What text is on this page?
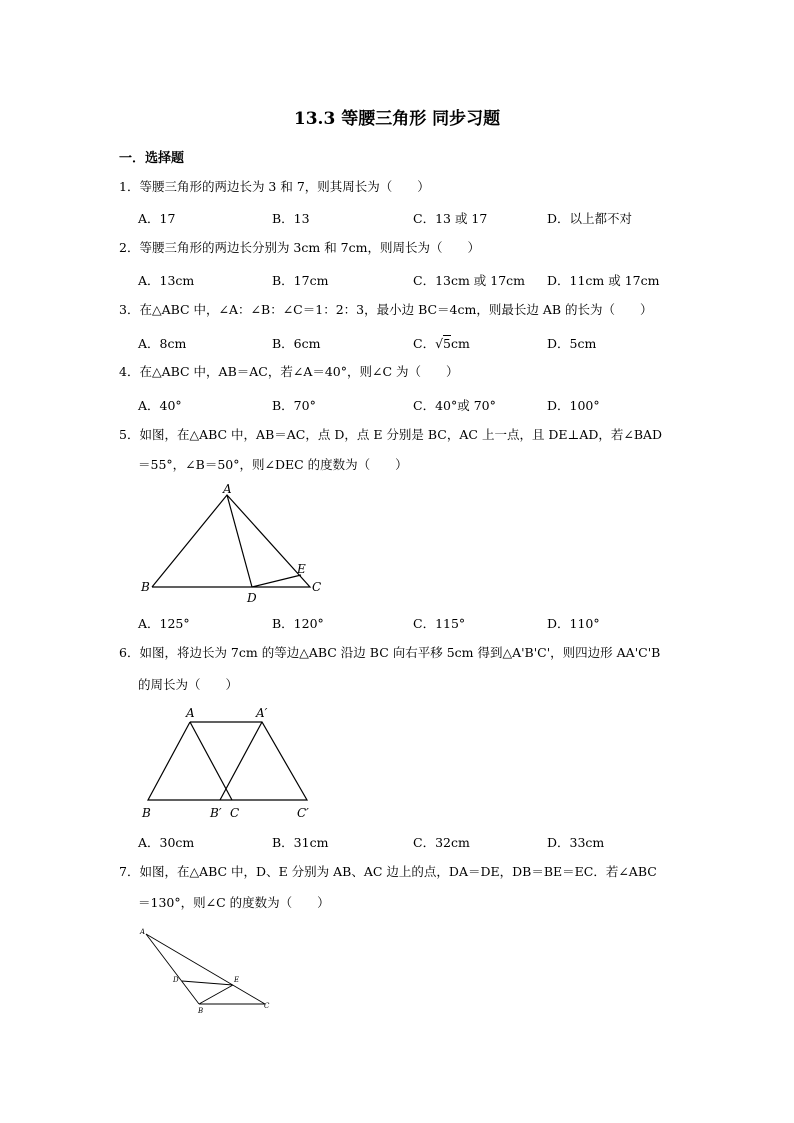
13.3 等腰三角形 同步习题
一．选择题
1．等腰三角形的两边长为 3 和 7，则其周长为（　　）
A．17	B．13	C．13 或 17	D．以上都不对
2．等腰三角形的两边长分别为 3cm 和 7cm，则周长为（　　）
A．13cm	B．17cm	C．13cm 或 17cm D．11cm 或 17cm
3．在△ABC 中，∠A：∠B：∠C＝1：2：3，最小边 BC＝4cm，则最长边 AB 的长为（　　）
A．8cm	B．6cm	C．√5cm	D．5cm
4．在△ABC 中，AB＝AC，若∠A＝40°，则∠C 为（　　）
A．40°	B．70°	C．40°或 70°	D．100°
5．如图，在△ABC 中，AB＝AC，点 D，点 E 分别是 BC，AC 上一点，且 DE⊥AD，若∠BAD
＝55°，∠B＝50°，则∠DEC 的度数为（　　）
A
B	C
D
E
A．125°	B．120°	C．115°	D．110°
6．如图，将边长为 7cm 的等边△ABC 沿边 BC 向右平移 5cm 得到△A'B'C'，则四边形 AA'C'B
的周长为（　　）
A	A′
B	B′ C	C′
A．30cm	B．31cm	C．32cm	D．33cm
7．如图，在△ABC 中，D、E 分别为 AB、AC 边上的点，DA＝DE，DB＝BE＝EC．若∠ABC
＝130°，则∠C 的度数为（　　）
A
D	E
B
C
